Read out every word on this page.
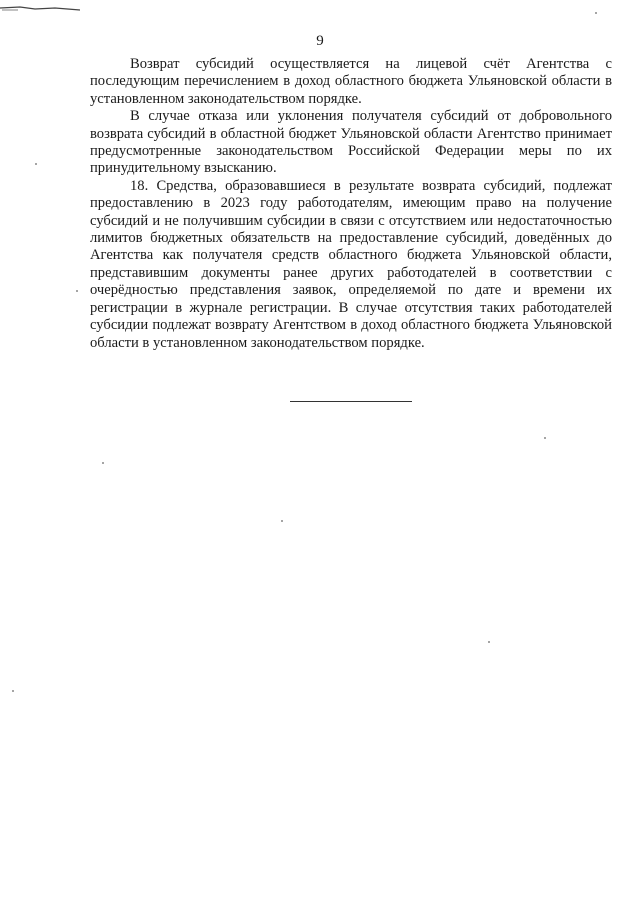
9

Возврат субсидий осуществляется на лицевой счёт Агентства с последующим перечислением в доход областного бюджета Ульяновской области в установленном законодательством порядке.

В случае отказа или уклонения получателя субсидий от добровольного возврата субсидий в областной бюджет Ульяновской области Агентство принимает предусмотренные законодательством Российской Федерации меры по их принудительному взысканию.

18. Средства, образовавшиеся в результате возврата субсидий, подлежат предоставлению в 2023 году работодателям, имеющим право на получение субсидий и не получившим субсидии в связи с отсутствием или недостаточностью лимитов бюджетных обязательств на предоставление субсидий, доведённых до Агентства как получателя средств областного бюджета Ульяновской области, представившим документы ранее других работодателей в соответствии с очерёдностью представления заявок, определяемой по дате и времени их регистрации в журнале регистрации. В случае отсутствия таких работодателей субсидии подлежат возврату Агентством в доход областного бюджета Ульяновской области в установленном законодательством порядке.
